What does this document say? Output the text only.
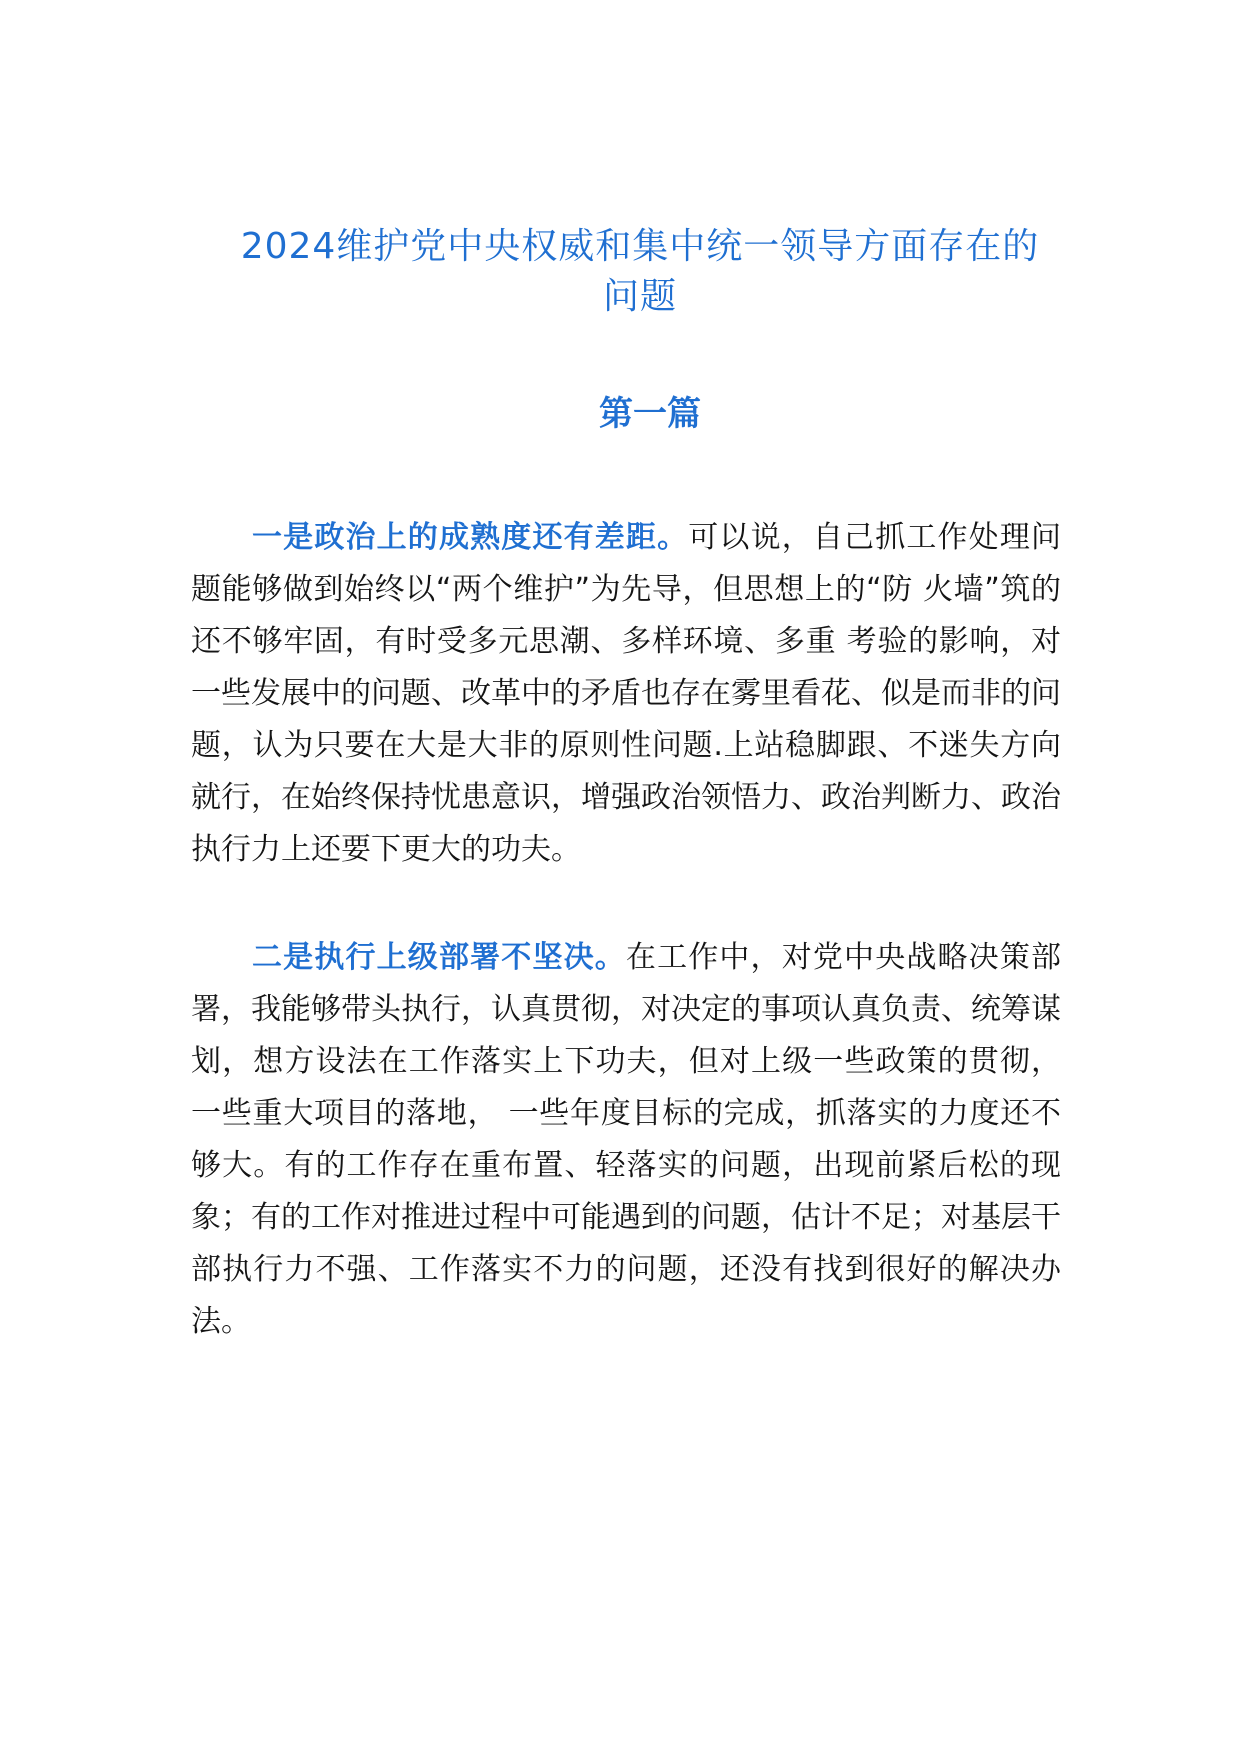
2024维护党中央权威和集中统一领导方面存在的问题
第一篇

一是政治上的成熟度还有差距。可以说，自己抓工作处理问题能够做到始终以“两个维护”为先导，但思想上的“防 火墙”筑的还不够牢固，有时受多元思潮、多样环境、多重 考验的影响，对一些发展中的问题、改革中的矛盾也存在雾里看花、似是而非的问题，认为只要在大是大非的原则性问题.上站稳脚跟、不迷失方向就行，在始终保持忧患意识，增强政治领悟力、政治判断力、政治执行力上还要下更大的功夫。

二是执行上级部署不坚决。在工作中，对党中央战略决策部署，我能够带头执行，认真贯彻，对决定的事项认真负责、统筹谋划，想方设法在工作落实上下功夫，但对上级一些政策的贯彻， 一些重大项目的落地， 一些年度目标的完成，抓落实的力度还不够大。有的工作存在重布置、轻落实的问题，出现前紧后松的现象；有的工作对推进过程中可能遇到的问题，估计不足；对基层干部执行力不强、工作落实不力的问题，还没有找到很好的解决办法。
